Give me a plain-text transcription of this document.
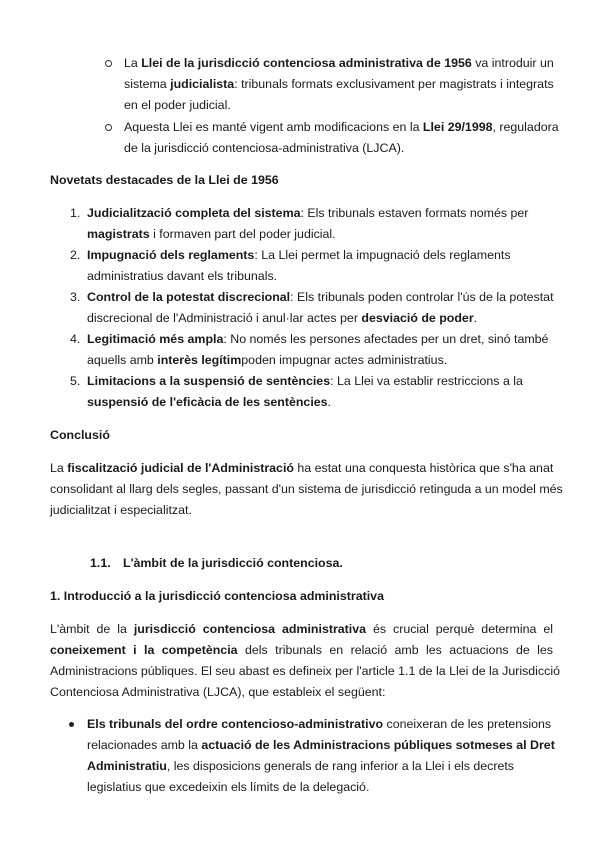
La Llei de la jurisdicció contenciosa administrativa de 1956 va introduir un
sistema judicialista: tribunals formats exclusivament per magistrats i integrats
en el poder judicial.
Aquesta Llei es manté vigent amb modificacions en la Llei 29/1998, reguladora
de la jurisdicció contenciosa-administrativa (LJCA).
Novetats destacades de la Llei de 1956
1. Judicialització completa del sistema: Els tribunals estaven formats només per
magistrats i formaven part del poder judicial.
2. Impugnació dels reglaments: La Llei permet la impugnació dels reglaments
administratius davant els tribunals.
3. Control de la potestat discrecional: Els tribunals poden controlar l'ús de la potestat
discrecional de l'Administració i anul·lar actes per desviació de poder.
4. Legitimació més ampla: No només les persones afectades per un dret, sinó també
aquells amb interès legítimpoden impugnar actes administratius.
5. Limitacions a la suspensió de sentències: La Llei va establir restriccions a la
suspensió de l'eficàcia de les sentències.
Conclusió
La fiscalització judicial de l'Administració ha estat una conquesta històrica que s'ha anat
consolidant al llarg dels segles, passant d'un sistema de jurisdicció retinguda a un model més
judicialitzat i especialitzat.
1.1. L'àmbit de la jurisdicció contenciosa.
1. Introducció a la jurisdicció contenciosa administrativa
L'àmbit de la jurisdicció contenciosa administrativa és crucial perquè determina el
coneixement i la competència dels tribunals en relació amb les actuacions de les
Administracions públiques. El seu abast es defineix per l'article 1.1 de la Llei de la Jurisdicció
Contenciosa Administrativa (LJCA), que estableix el següent:
Els tribunals del ordre contencioso-administrativo coneixeran de les pretensions
relacionades amb la actuació de les Administracions públiques sotmeses al Dret
Administratiu, les disposicions generals de rang inferior a la Llei i els decrets
legislatius que excedeixin els límits de la delegació.
